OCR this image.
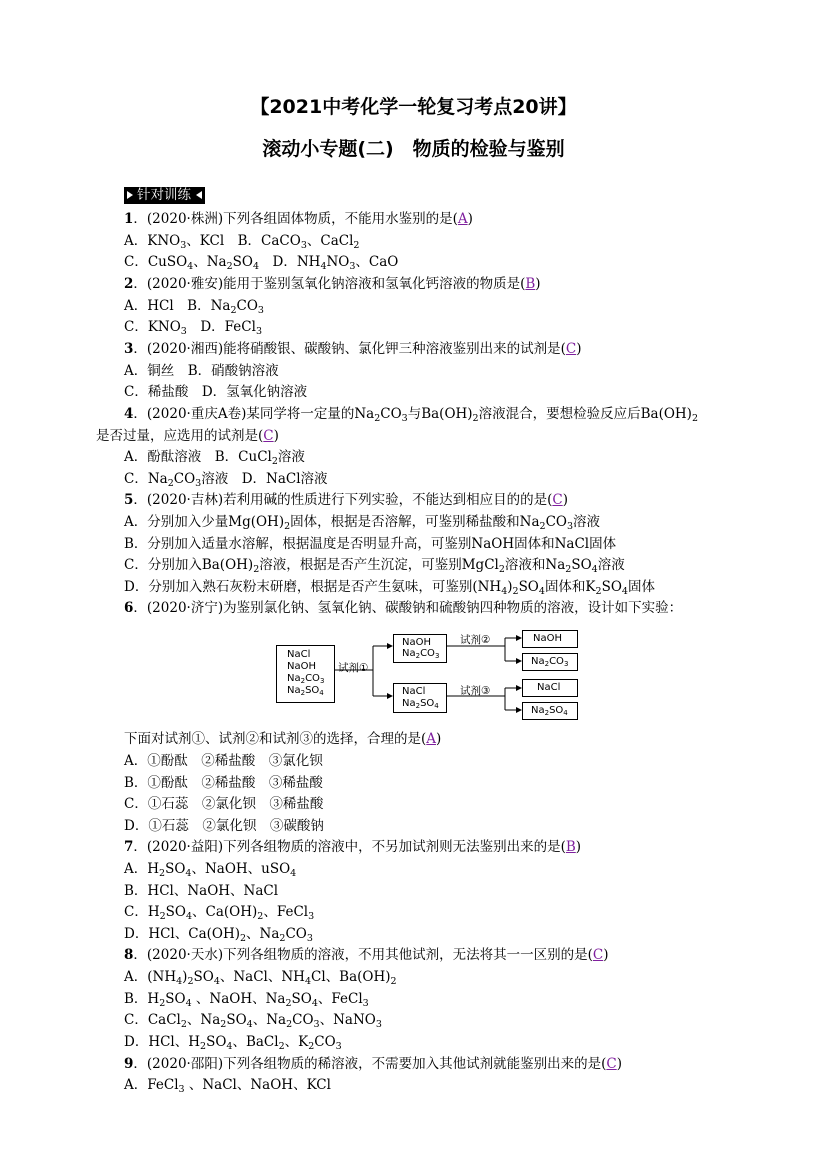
【2021中考化学一轮复习考点20讲】
滚动小专题(二)　物质的检验与鉴别
针对训练
1．(2020·株洲)下列各组固体物质，不能用水鉴别的是(A)
A．$KNO_3$、KCl　B．CaCO$_3$、CaCl$_2$
C．CuSO$_4$、$Na_2SO_4$　D．$NH_4NO_3$、CaO
2．(2020·雅安)能用于鉴别氢氧化钠溶液和氢氧化钙溶液的物质是(B)
A．HCl　B．$Na_2CO_3$
C．$KNO_3$　D．FeCl$_3$
3．(2020·湘西)能将硝酸银、碳酸钠、氯化钾三种溶液鉴别出来的试剂是(C)
A．铜丝　B．硝酸钠溶液
C．稀盐酸　D．氢氧化钠溶液
4．(2020·重庆A卷)某同学将一定量的$Na_2CO_3$与$Ba(OH)_2$溶液混合，要想检验反应后$Ba(OH)_2$
是否过量，应选用的试剂是(C)
A．酚酞溶液　B．CuCl$_2$溶液
C．$Na_2CO_3$溶液　D．NaCl溶液
5．(2020·吉林)若利用碱的性质进行下列实验，不能达到相应目的的是(C)
A．分别加入少量$Mg(OH)_2$固体，根据是否溶解，可鉴别稀盐酸和$Na_2CO_3$溶液
B．分别加入适量水溶解，根据温度是否明显升高，可鉴别NaOH固体和NaCl固体
C．分别加入$Ba(OH)_2$溶液，根据是否产生沉淀，可鉴别MgCl$_2$溶液和$Na_2SO_4$溶液
D．分别加入熟石灰粉末研磨，根据是否产生氨味，可鉴别$(NH_4)_2SO_4$固体和$K_2SO_4$固体
6．(2020·济宁)为鉴别氯化钠、氢氧化钠、碳酸钠和硫酸钠四种物质的溶液，设计如下实验：
NaCl
NaOH
$Na_2CO_3$
$Na_2SO_4$
试剂①
NaOH
$Na_2CO_3$
NaCl
$Na_2SO_4$
试剂②
试剂③
NaOH
$Na_2CO_3$
NaCl
$Na_2SO_4$
下面对试剂①、试剂②和试剂③的选择，合理的是(A)
A．①酚酞　②稀盐酸　③氯化钡
B．①酚酞　②稀盐酸　③稀盐酸
C．①石蕊　②氯化钡　③稀盐酸
D．①石蕊　②氯化钡　③碳酸钠
7．(2020·益阳)下列各组物质的溶液中，不另加试剂则无法鉴别出来的是(B)
A．$H_2SO_4$、NaOH、uSO$_4$
B．HCl、NaOH、NaCl
C．$H_2SO_4$、$Ca(OH)_2$、FeCl$_3$
D．HCl、$Ca(OH)_2$、$Na_2CO_3$
8．(2020·天水)下列各组物质的溶液，不用其他试剂，无法将其一一区别的是(C)
A．$(NH_4)_2SO_4$、NaCl、$NH_4Cl$、$Ba(OH)_2$
B．$H_2SO_4$ 、NaOH、$Na_2SO_4$、FeCl$_3$
C．CaCl$_2$、$Na_2SO_4$、$Na_2CO_3$、NaNO$_3$
D．HCl、$H_2SO_4$、BaCl$_2$、$K_2CO_3$
9．(2020·邵阳)下列各组物质的稀溶液，不需要加入其他试剂就能鉴别出来的是(C)
A．FeCl$_3$ 、NaCl、NaOH、KCl
